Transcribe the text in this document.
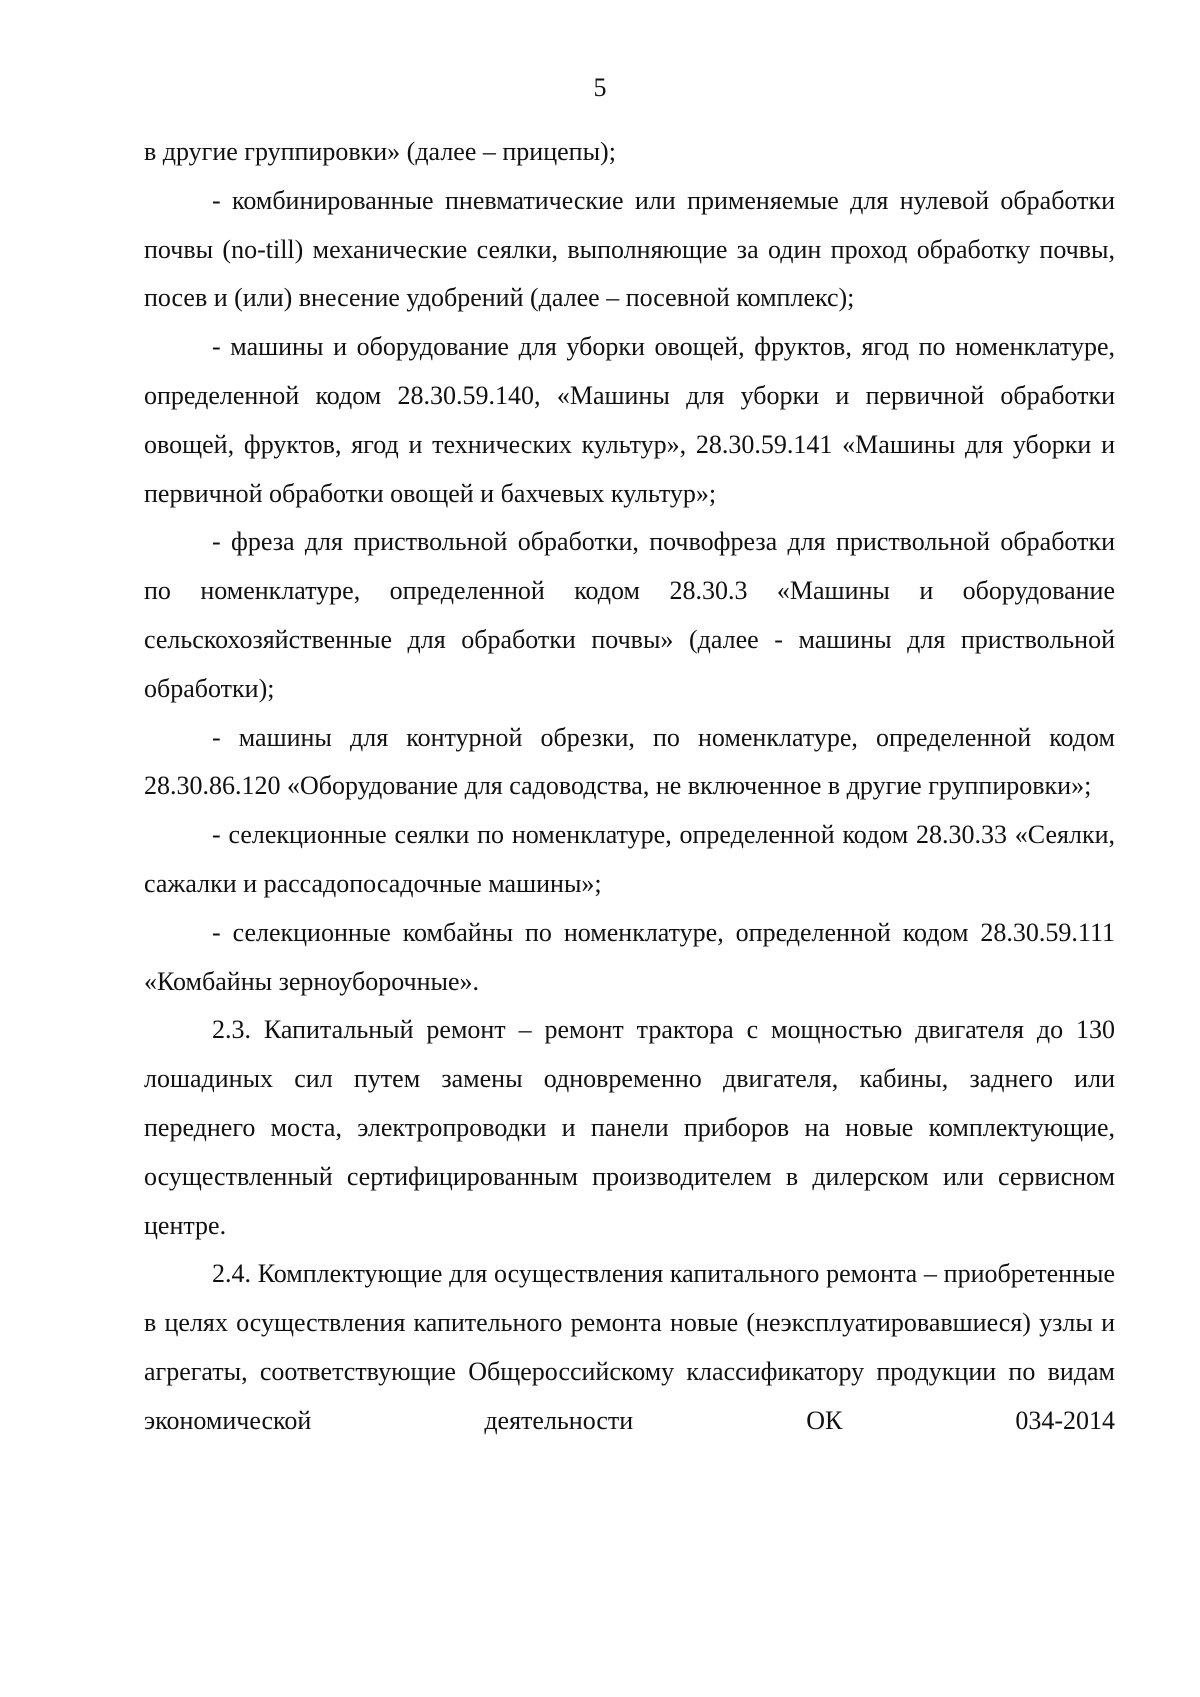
5

в другие группировки» (далее – прицепы);

- комбинированные пневматические или применяемые для нулевой обработки почвы (no-till) механические сеялки, выполняющие за один проход обработку почвы, посев и (или) внесение удобрений (далее – посевной комплекс);

- машины и оборудование для уборки овощей, фруктов, ягод по номенклатуре, определенной кодом 28.30.59.140, «Машины для уборки и первичной обработки овощей, фруктов, ягод и технических культур», 28.30.59.141 «Машины для уборки и первичной обработки овощей и бахчевых культур»;

- фреза для приствольной обработки, почвофреза для приствольной обработки по номенклатуре, определенной кодом 28.30.3 «Машины и оборудование сельскохозяйственные для обработки почвы» (далее - машины для приствольной обработки);

- машины для контурной обрезки, по номенклатуре, определенной кодом 28.30.86.120 «Оборудование для садоводства, не включенное в другие группировки»;

- селекционные сеялки по номенклатуре, определенной кодом 28.30.33 «Сеялки, сажалки и рассадопосадочные машины»;

- селекционные комбайны по номенклатуре, определенной кодом 28.30.59.111 «Комбайны зерноуборочные».

2.3. Капитальный ремонт – ремонт трактора с мощностью двигателя до 130 лошадиных сил путем замены одновременно двигателя, кабины, заднего или переднего моста, электропроводки и панели приборов на новые комплектующие, осуществленный сертифицированным производителем в дилерском или сервисном центре.

2.4. Комплектующие для осуществления капитального ремонта – приобретенные в целях осуществления капительного ремонта новые (неэксплуатировавшиеся) узлы и агрегаты, соответствующие Общероссийскому классификатору продукции по видам экономической деятельности ОК 034-2014
